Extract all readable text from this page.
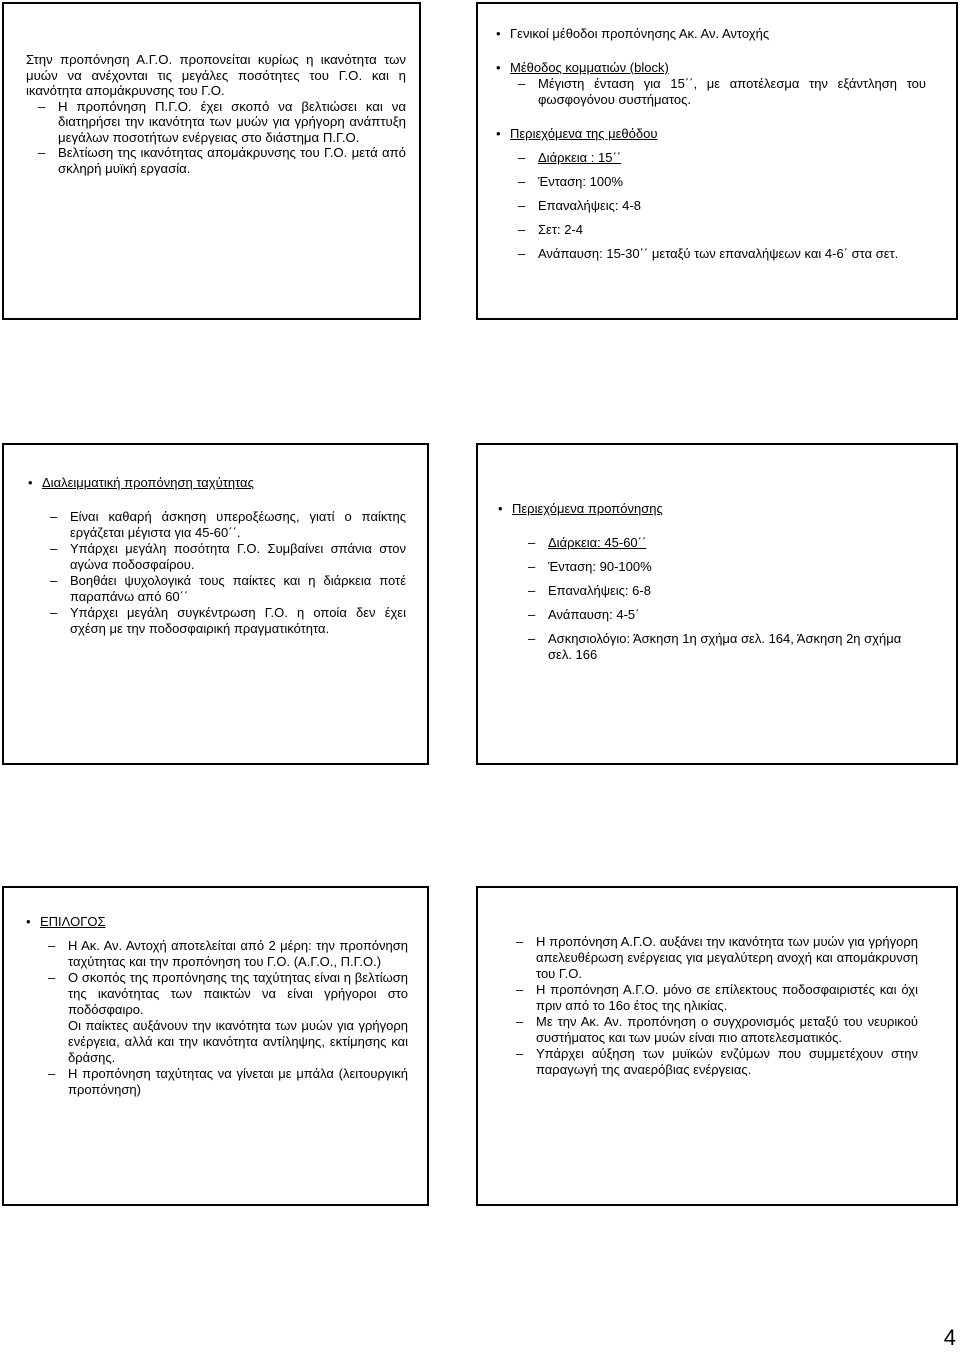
Στην προπόνηση Α.Γ.Ο. προπονείται κυρίως η ικανότητα των μυών να ανέχονται τις μεγάλες ποσότητες του Γ.Ο. και η ικανότητα απομάκρυνσης του Γ.Ο.
– Η προπόνηση Π.Γ.Ο. έχει σκοπό να βελτιώσει και να διατηρήσει την ικανότητα των μυών για γρήγορη ανάπτυξη μεγάλων ποσοτήτων ενέργειας στο διάστημα Π.Γ.Ο.
– Βελτίωση της ικανότητας απομάκρυνσης του Γ.Ο. μετά από σκληρή μυϊκή εργασία.
• Γενικοί μέθοδοι προπόνησης Ακ. Αν. Αντοχής
• Μέθοδος κομματιών (block)
– Μέγιστη ένταση για 15΄΄, με αποτέλεσμα την εξάντληση του φωσφογόνου συστήματος.
• Περιεχόμενα της μεθόδου
– Διάρκεια : 15΄΄
– Ένταση: 100%
– Επαναλήψεις: 4-8
– Σετ: 2-4
– Ανάπαυση: 15-30΄΄ μεταξύ των επαναλήψεων και 4-6΄ στα σετ.
• Διαλειμματική προπόνηση ταχύτητας
– Είναι καθαρή άσκηση υπεροξέωσης, γιατί ο παίκτης εργάζεται μέγιστα για 45-60΄΄.
– Υπάρχει μεγάλη ποσότητα Γ.Ο. Συμβαίνει σπάνια στον αγώνα ποδοσφαίρου.
– Βοηθάει ψυχολογικά τους παίκτες και η διάρκεια ποτέ παραπάνω από 60΄΄
– Υπάρχει μεγάλη συγκέντρωση Γ.Ο. η οποία δεν έχει σχέση με την ποδοσφαιρική πραγματικότητα.
• Περιεχόμενα προπόνησης
– Διάρκεια: 45-60΄΄
– Ένταση: 90-100%
– Επαναλήψεις: 6-8
– Ανάπαυση: 4-5΄
– Ασκησιολόγιο: Άσκηση 1η σχήμα σελ. 164, Άσκηση 2η σχήμα σελ. 166
• ΕΠΙΛΟΓΟΣ
– Η Ακ. Αν. Αντοχή αποτελείται από 2 μέρη: την προπόνηση ταχύτητας και την προπόνηση του Γ.Ο. (Α.Γ.Ο., Π.Γ.Ο.)
– Ο σκοπός της προπόνησης της ταχύτητας είναι η βελτίωση της ικανότητας των παικτών να είναι γρήγοροι στο ποδόσφαιρο.
Οι παίκτες αυξάνουν την ικανότητα των μυών για γρήγορη ενέργεια, αλλά και την ικανότητα αντίληψης, εκτίμησης και δράσης.
– Η προπόνηση ταχύτητας να γίνεται με μπάλα (λειτουργική προπόνηση)
– Η προπόνηση Α.Γ.Ο. αυξάνει την ικανότητα των μυών για γρήγορη απελευθέρωση ενέργειας για μεγαλύτερη ανοχή και απομάκρυνση του Γ.Ο.
– Η προπόνηση Α.Γ.Ο. μόνο σε επίλεκτους ποδοσφαιριστές και όχι πριν από το 16ο έτος της ηλικίας.
– Με την Ακ. Αν. προπόνηση ο συγχρονισμός μεταξύ του νευρικού συστήματος και των μυών είναι πιο αποτελεσματικός.
– Υπάρχει αύξηση των μυϊκών ενζύμων που συμμετέχουν στην παραγωγή της αναερόβιας ενέργειας.
4
